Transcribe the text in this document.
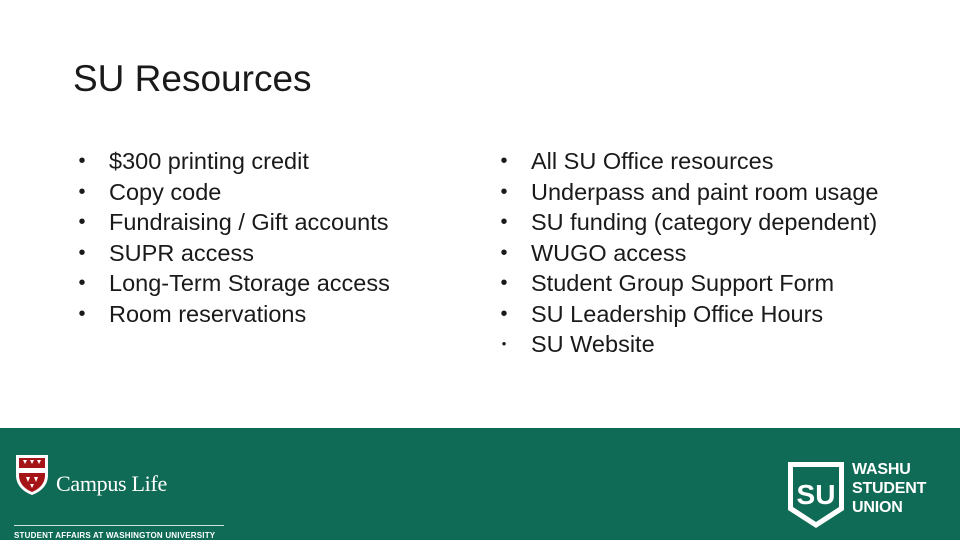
SU Resources
• $300 printing credit
• Copy code
• Fundraising / Gift accounts
• SUPR access
• Long-Term Storage access
• Room reservations
• All SU Office resources
• Underpass and paint room usage
• SU funding (category dependent)
• WUGO access
• Student Group Support Form
• SU Leadership Office Hours
• SU Website
Campus Life
STUDENT AFFAIRS AT WASHINGTON UNIVERSITY
SU
WASHU
STUDENT
UNION
